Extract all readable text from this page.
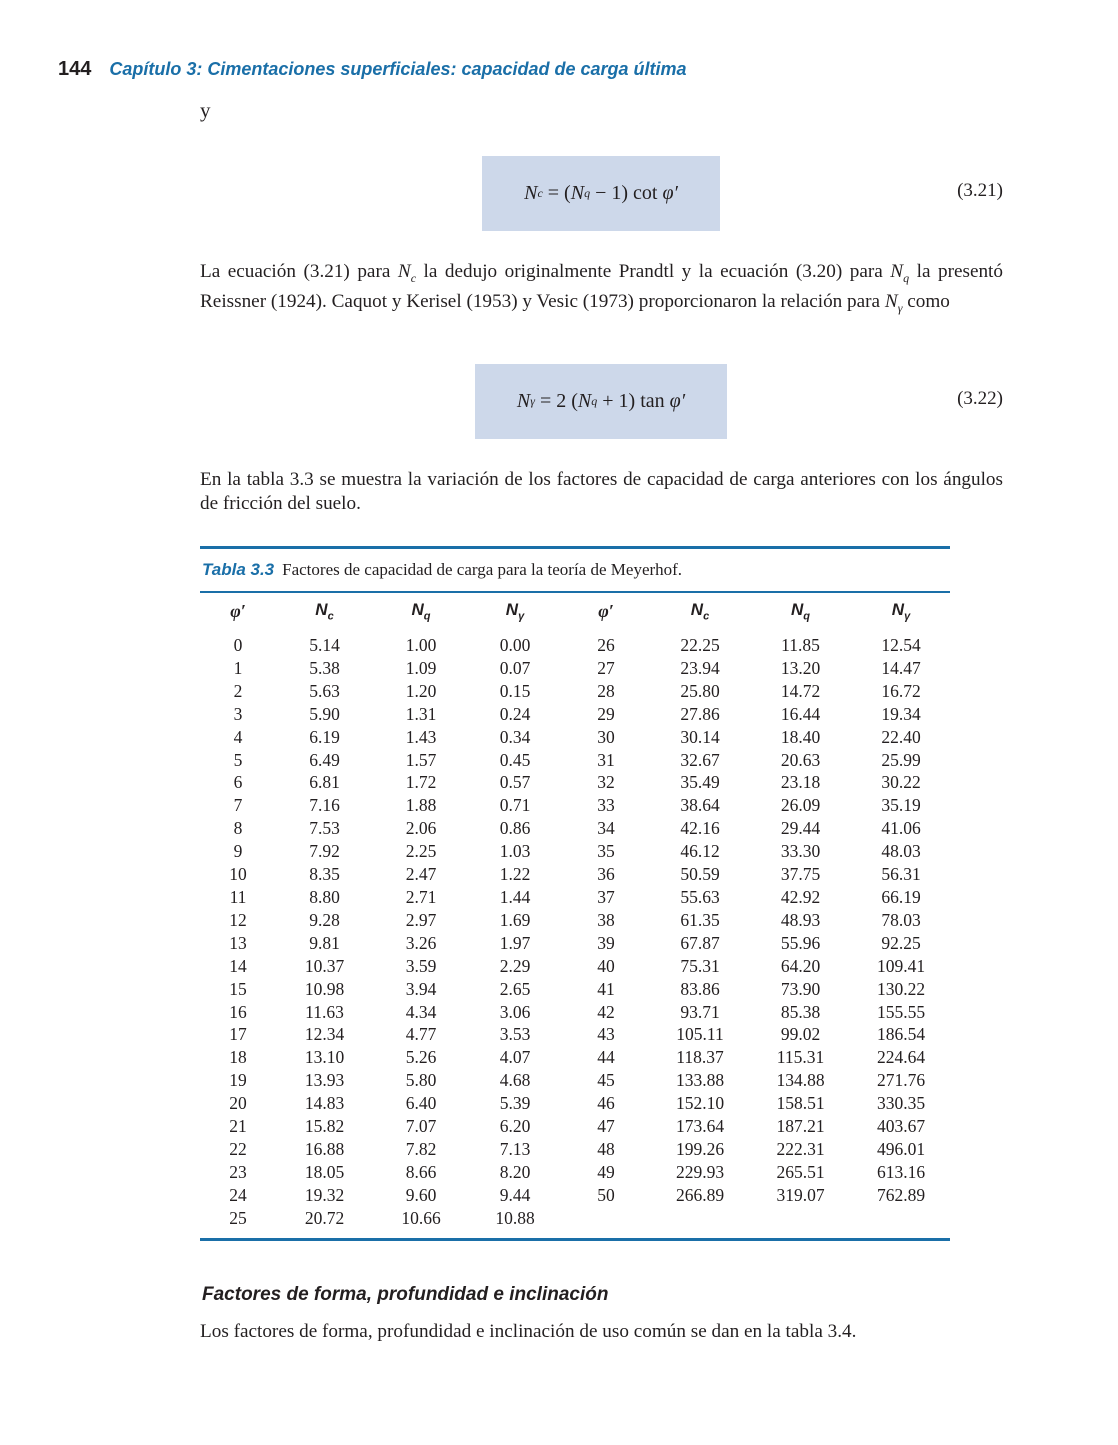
144 Capítulo 3: Cimentaciones superficiales: capacidad de carga última
y
N c
=
( N q
−
1 )
cot
φ′	(3.21)
La ecuación (3.21) para $N_c$ la dedujo originalmente Prandtl y la ecuación (3.20) para $N_q$ la presentó Reissner (1924). Caquot y Kerisel (1953) y Vesic (1973) proporcionaron la relación para $N_\gamma$ como
N γ
=
2
( N q
+
1 )
tan
φ′	(3.22)
En la tabla 3.3 se muestra la variación de los factores de capacidad de carga anteriores con los ángulos de fricción del suelo.
Tabla 3.3 Factores de capacidad de carga para la teoría de Meyerhof.
φ′	$N_c$	$N_q$	$N_\gamma$	φ′	$N_c$	$N_q$	$N_\gamma$
0	5.14	1.00	0.00	26	22.25	11.85	12.54
1	5.38	1.09	0.07	27	23.94	13.20	14.47
2	5.63	1.20	0.15	28	25.80	14.72	16.72
3	5.90	1.31	0.24	29	27.86	16.44	19.34
4	6.19	1.43	0.34	30	30.14	18.40	22.40
5	6.49	1.57	0.45	31	32.67	20.63	25.99
6	6.81	1.72	0.57	32	35.49	23.18	30.22
7	7.16	1.88	0.71	33	38.64	26.09	35.19
8	7.53	2.06	0.86	34	42.16	29.44	41.06
9	7.92	2.25	1.03	35	46.12	33.30	48.03
10	8.35	2.47	1.22	36	50.59	37.75	56.31
11	8.80	2.71	1.44	37	55.63	42.92	66.19
12	9.28	2.97	1.69	38	61.35	48.93	78.03
13	9.81	3.26	1.97	39	67.87	55.96	92.25
14	10.37	3.59	2.29	40	75.31	64.20	109.41
15	10.98	3.94	2.65	41	83.86	73.90	130.22
16	11.63	4.34	3.06	42	93.71	85.38	155.55
17	12.34	4.77	3.53	43	105.11	99.02	186.54
18	13.10	5.26	4.07	44	118.37	115.31	224.64
19	13.93	5.80	4.68	45	133.88	134.88	271.76
20	14.83	6.40	5.39	46	152.10	158.51	330.35
21	15.82	7.07	6.20	47	173.64	187.21	403.67
22	16.88	7.82	7.13	48	199.26	222.31	496.01
23	18.05	8.66	8.20	49	229.93	265.51	613.16
24	19.32	9.60	9.44	50	266.89	319.07	762.89
25	20.72	10.66	10.88				
Factores de forma, profundidad e inclinación
Los factores de forma, profundidad e inclinación de uso común se dan en la tabla 3.4.
